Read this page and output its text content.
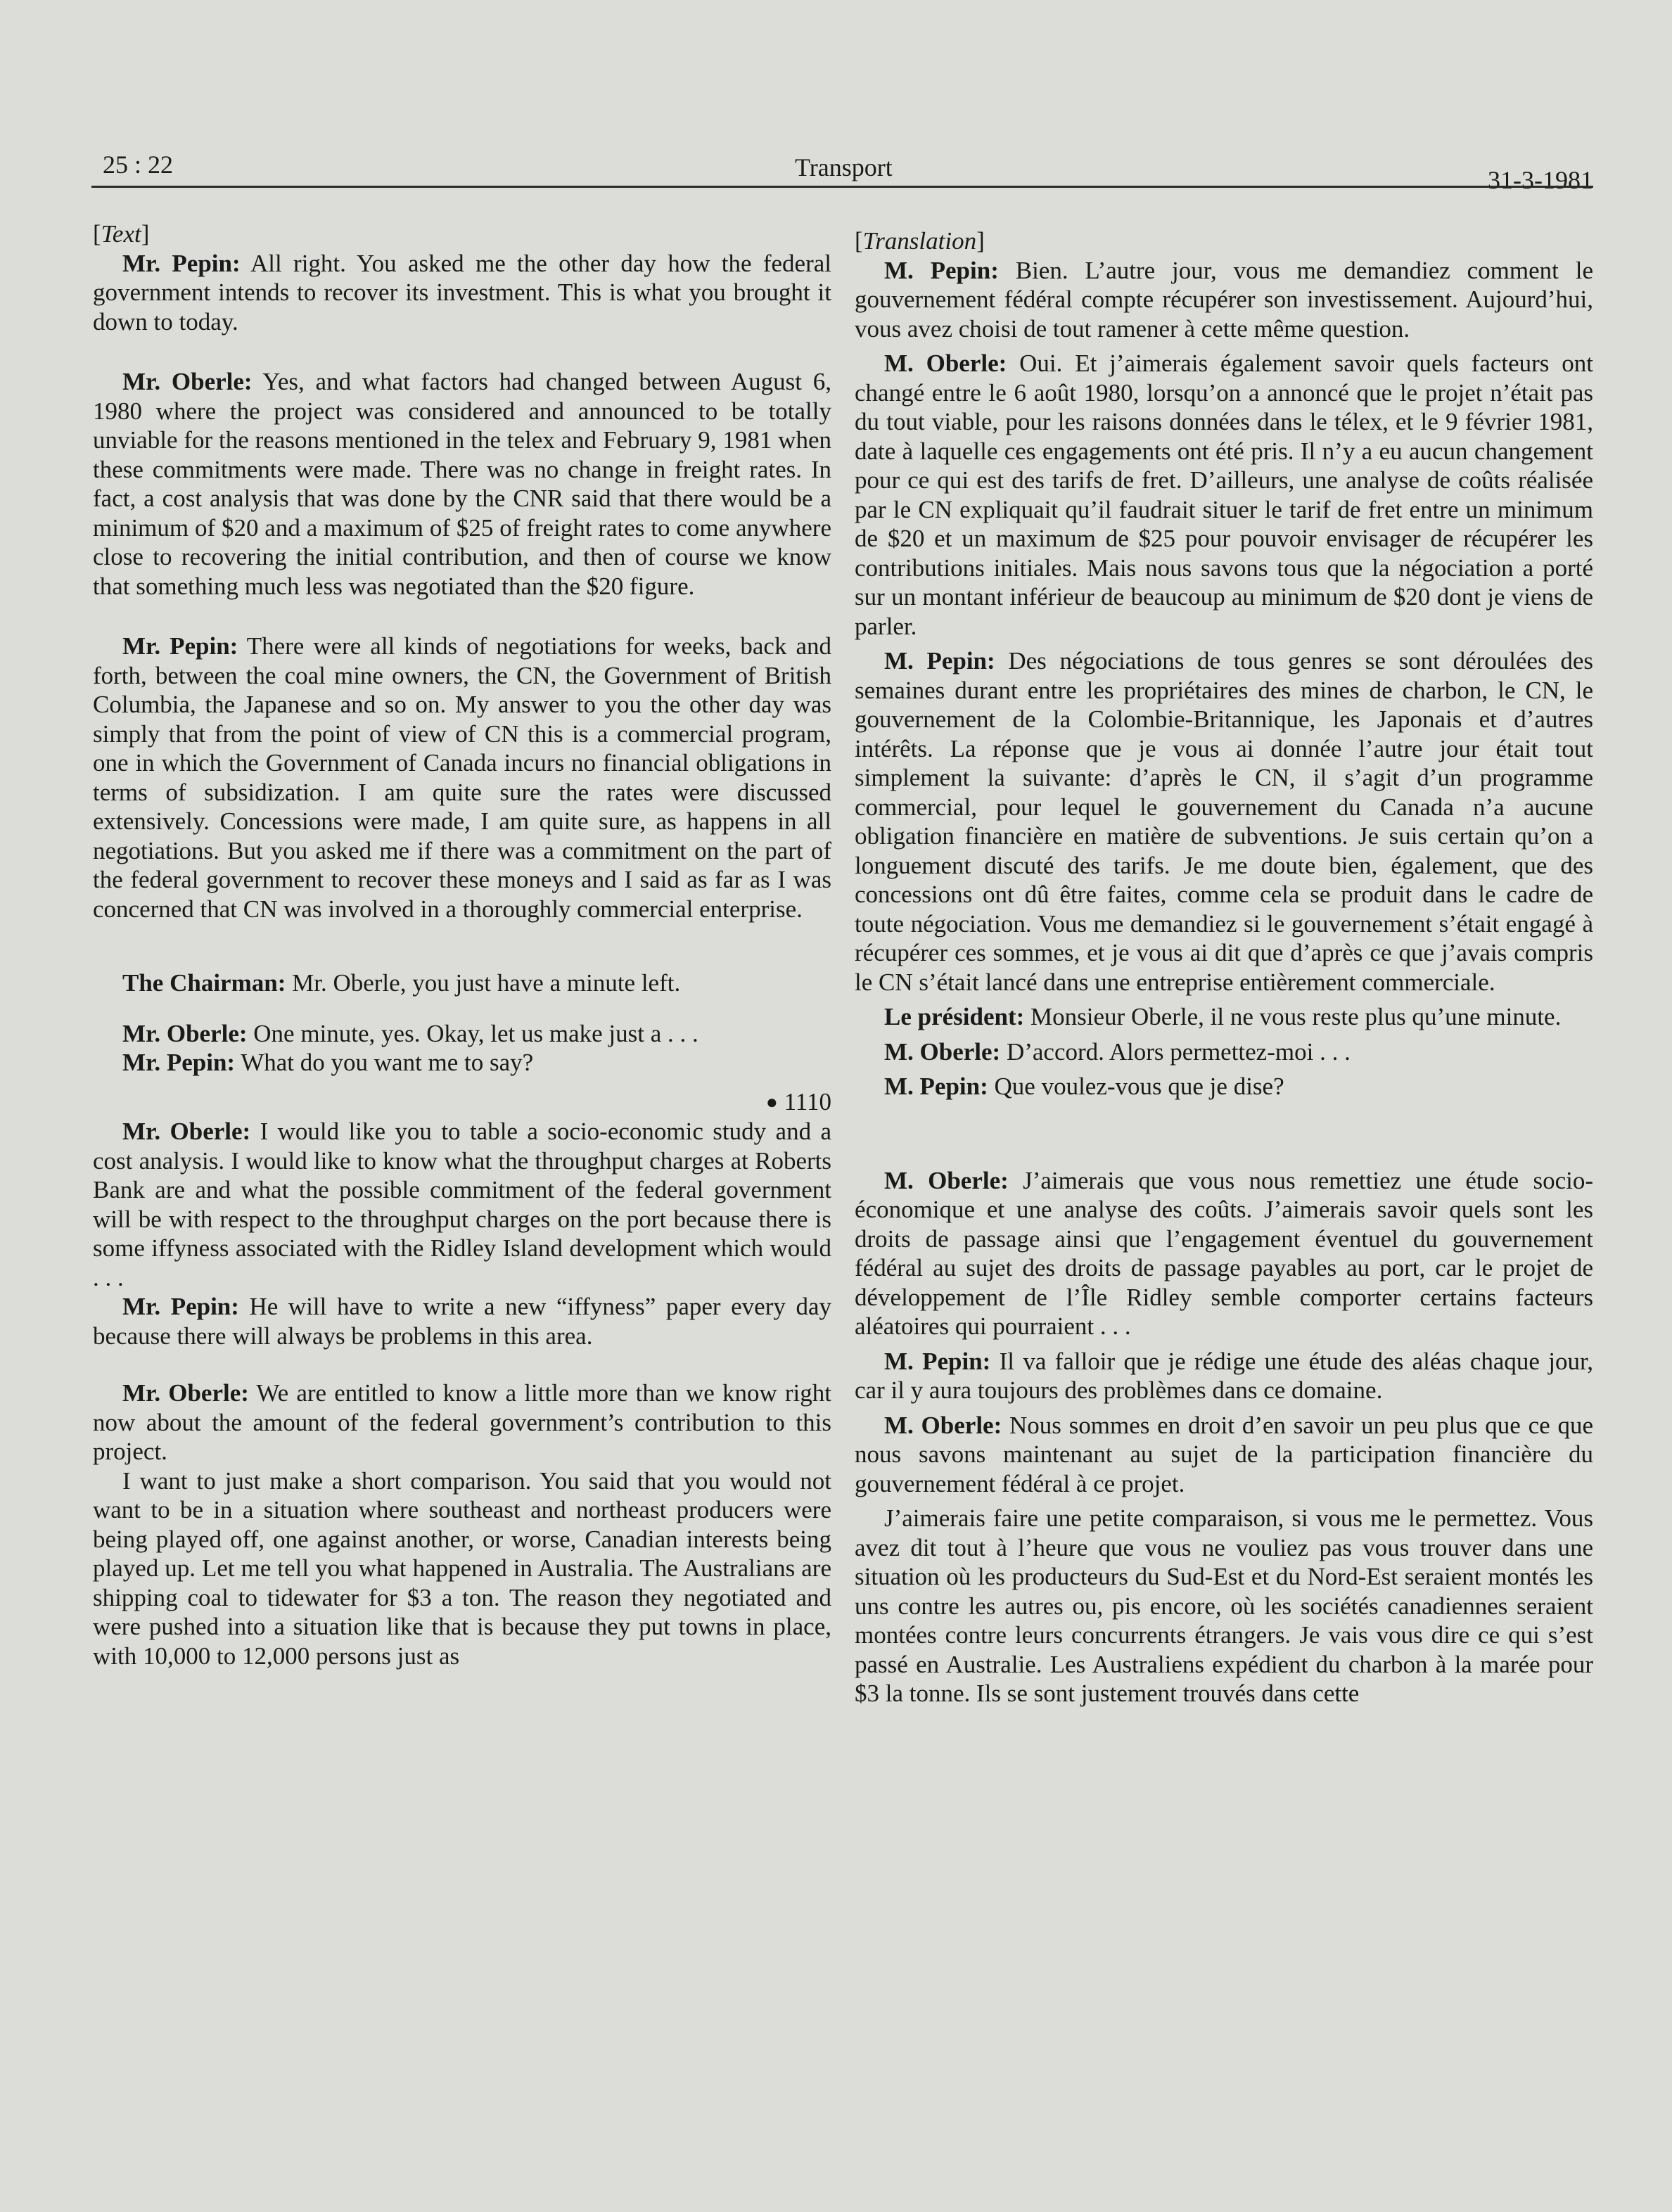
25 : 22	Transport	31-3-1981

[Text]

Mr. Pepin: All right. You asked me the other day how the federal government intends to recover its investment. This is what you brought it down to today.

Mr. Oberle: Yes, and what factors had changed between August 6, 1980 where the project was considered and announced to be totally unviable for the reasons mentioned in the telex and February 9, 1981 when these commitments were made. There was no change in freight rates. In fact, a cost analysis that was done by the CNR said that there would be a minimum of $20 and a maximum of $25 of freight rates to come anywhere close to recovering the initial contribution, and then of course we know that something much less was negotiated than the $20 figure.

Mr. Pepin: There were all kinds of negotiations for weeks, back and forth, between the coal mine owners, the CN, the Government of British Columbia, the Japanese and so on. My answer to you the other day was simply that from the point of view of CN this is a commercial program, one in which the Government of Canada incurs no financial obligations in terms of subsidization. I am quite sure the rates were discussed extensively. Concessions were made, I am quite sure, as happens in all negotiations. But you asked me if there was a commitment on the part of the federal government to recover these moneys and I said as far as I was concerned that CN was involved in a thoroughly commercial enterprise.

The Chairman: Mr. Oberle, you just have a minute left.

Mr. Oberle: One minute, yes. Okay, let us make just a . . .

Mr. Pepin: What do you want me to say?

● 1110

Mr. Oberle: I would like you to table a socio-economic study and a cost analysis. I would like to know what the throughput charges at Roberts Bank are and what the possible commitment of the federal government will be with respect to the throughput charges on the port because there is some iffyness associated with the Ridley Island development which would . . .

Mr. Pepin: He will have to write a new “iffyness” paper every day because there will always be problems in this area.

Mr. Oberle: We are entitled to know a little more than we know right now about the amount of the federal government’s contribution to this project.

I want to just make a short comparison. You said that you would not want to be in a situation where southeast and northeast producers were being played off, one against another, or worse, Canadian interests being played up. Let me tell you what happened in Australia. The Australians are shipping coal to tidewater for $3 a ton. The reason they negotiated and were pushed into a situation like that is because they put towns in place, with 10,000 to 12,000 persons just as

[Translation]

M. Pepin: Bien. L’autre jour, vous me demandiez comment le gouvernement fédéral compte récupérer son investissement. Aujourd’hui, vous avez choisi de tout ramener à cette même question.

M. Oberle: Oui. Et j’aimerais également savoir quels facteurs ont changé entre le 6 août 1980, lorsqu’on a annoncé que le projet n’était pas du tout viable, pour les raisons données dans le télex, et le 9 février 1981, date à laquelle ces engagements ont été pris. Il n’y a eu aucun changement pour ce qui est des tarifs de fret. D’ailleurs, une analyse de coûts réalisée par le CN expliquait qu’il faudrait situer le tarif de fret entre un minimum de $20 et un maximum de $25 pour pouvoir envisager de récupérer les contributions initiales. Mais nous savons tous que la négociation a porté sur un montant inférieur de beaucoup au minimum de $20 dont je viens de parler.

M. Pepin: Des négociations de tous genres se sont déroulées des semaines durant entre les propriétaires des mines de charbon, le CN, le gouvernement de la Colombie-Britannique, les Japonais et d’autres intérêts. La réponse que je vous ai donnée l’autre jour était tout simplement la suivante: d’après le CN, il s’agit d’un programme commercial, pour lequel le gouvernement du Canada n’a aucune obligation financière en matière de subventions. Je suis certain qu’on a longuement discuté des tarifs. Je me doute bien, également, que des concessions ont dû être faites, comme cela se produit dans le cadre de toute négociation. Vous me demandiez si le gouvernement s’était engagé à récupérer ces sommes, et je vous ai dit que d’après ce que j’avais compris le CN s’était lancé dans une entreprise entièrement commerciale.

Le président: Monsieur Oberle, il ne vous reste plus qu’une minute.

M. Oberle: D’accord. Alors permettez-moi . . .

M. Pepin: Que voulez-vous que je dise?

M. Oberle: J’aimerais que vous nous remettiez une étude socio-économique et une analyse des coûts. J’aimerais savoir quels sont les droits de passage ainsi que l’engagement éventuel du gouvernement fédéral au sujet des droits de passage payables au port, car le projet de développement de l’Île Ridley semble comporter certains facteurs aléatoires qui pourraient . . .

M. Pepin: Il va falloir que je rédige une étude des aléas chaque jour, car il y aura toujours des problèmes dans ce domaine.

M. Oberle: Nous sommes en droit d’en savoir un peu plus que ce que nous savons maintenant au sujet de la participation financière du gouvernement fédéral à ce projet.

J’aimerais faire une petite comparaison, si vous me le permettez. Vous avez dit tout à l’heure que vous ne vouliez pas vous trouver dans une situation où les producteurs du Sud-Est et du Nord-Est seraient montés les uns contre les autres ou, pis encore, où les sociétés canadiennes seraient montées contre leurs concurrents étrangers. Je vais vous dire ce qui s’est passé en Australie. Les Australiens expédient du charbon à la marée pour $3 la tonne. Ils se sont justement trouvés dans cette
